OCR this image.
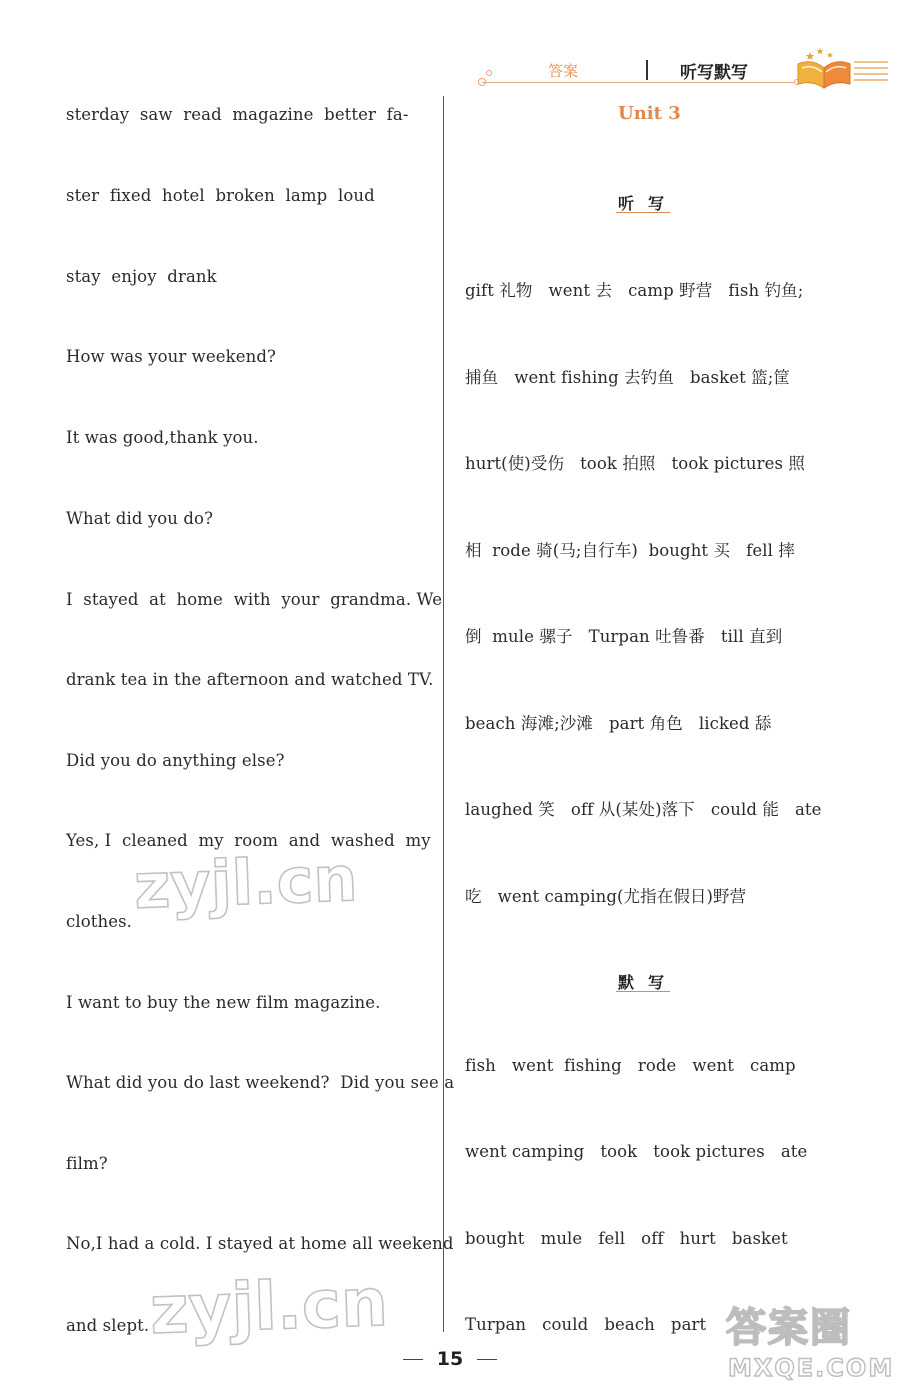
答案	听写默写
sterday  saw  read  magazine  better  fa-
ster  fixed  hotel  broken  lamp  loud
stay  enjoy  drank
How was your weekend?
It was good,thank you.
What did you do?
I  stayed  at  home  with  your  grandma. We
drank tea in the afternoon and watched TV.
Did you do anything else?
Yes, I  cleaned  my  room  and  washed  my
clothes.
I want to buy the new film magazine.
What did you do last weekend?  Did you see a
film?
No,I had a cold. I stayed at home all weekend
and slept.
Unit 3
听写
gift 礼物   went 去   camp 野营   fish 钓鱼;
捕鱼   went fishing 去钓鱼   basket 篮;筐
hurt(使)受伤   took 拍照   took pictures 照
相  rode 骑(马;自行车)  bought 买   fell 摔
倒  mule 骡子   Turpan 吐鲁番   till 直到
beach 海滩;沙滩   part 角色   licked 舔
laughed 笑   off 从(某处)落下   could 能   ate
吃   went camping(尤指在假日)野营
默写
fish   went  fishing   rode   went   camp
went camping   took   took pictures   ate
bought   mule   fell   off   hurt   basket
Turpan   could   beach   part
zyjl.cn
zyjl.cn	答案圈
MXQE.COM
15
